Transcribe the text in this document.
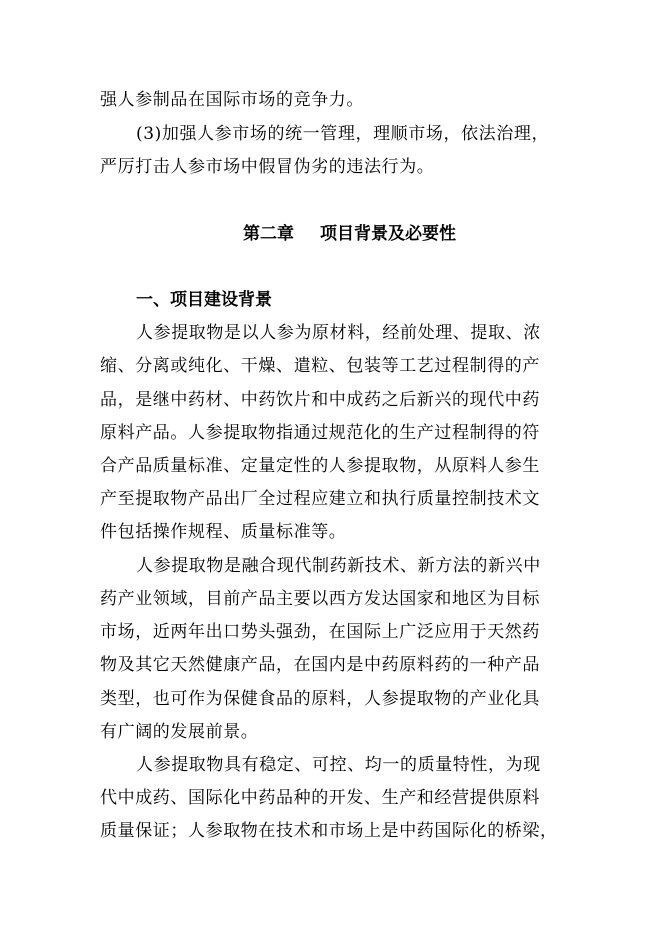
强人参制品在国际市场的竞争力。
(3)加强人参市场的统一管理，理顺市场，依法治理，
严厉打击人参市场中假冒伪劣的违法行为。
第二章 项目背景及必要性
一、项目建设背景
人参提取物是以人参为原材料，经前处理、提取、浓
缩、分离或纯化、干燥、遣粒、包装等工艺过程制得的产
品，是继中药材、中药饮片和中成药之后新兴的现代中药
原料产品。人参提取物指通过规范化的生产过程制得的符
合产品质量标准、定量定性的人参提取物，从原料人参生
产至提取物产品出厂全过程应建立和执行质量控制技术文
件包括操作规程、质量标准等。
人参提取物是融合现代制药新技术、新方法的新兴中
药产业领域，目前产品主要以西方发达国家和地区为目标
市场，近两年出口势头强劲，在国际上广泛应用于天然药
物及其它天然健康产品，在国内是中药原料药的一种产品
类型，也可作为保健食品的原料，人参提取物的产业化具
有广阔的发展前景。
人参提取物具有稳定、可控、均一的质量特性，为现
代中成药、国际化中药品种的开发、生产和经营提供原料
质量保证；人参取物在技术和市场上是中药国际化的桥梁，
